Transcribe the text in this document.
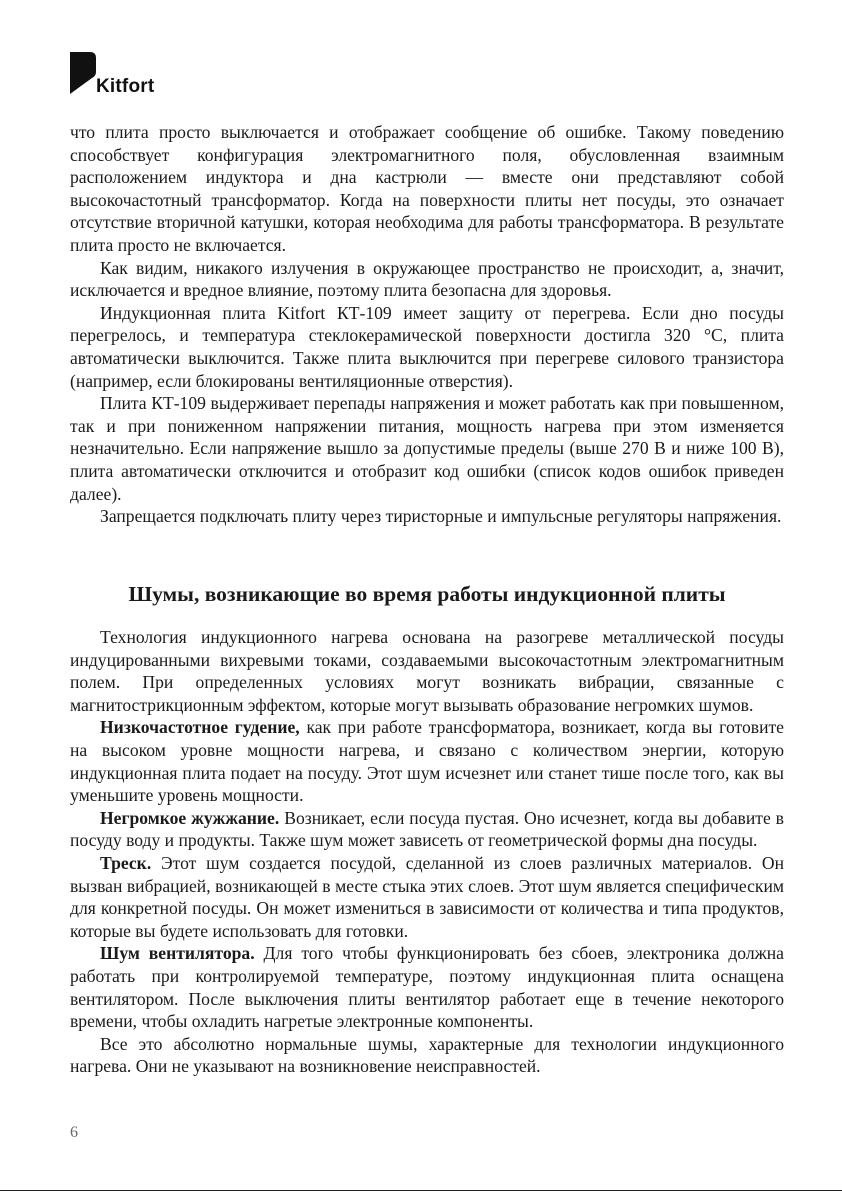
Kitfort

что плита просто выключается и отображает сообщение об ошибке. Такому поведению способствует конфигурация электромагнитного поля, обусловленная взаимным расположением индуктора и дна кастрюли — вместе они представляют собой высокочастотный трансформатор. Когда на поверхности плиты нет посуды, это означает отсутствие вторичной катушки, которая необходима для работы трансформатора. В результате плита просто не включается.

Как видим, никакого излучения в окружающее пространство не происходит, а, значит, исключается и вредное влияние, поэтому плита безопасна для здоровья.

Индукционная плита Kitfort КТ-109 имеет защиту от перегрева. Если дно посуды перегрелось, и температура стеклокерамической поверхности достигла 320 °C, плита автоматически выключится. Также плита выключится при перегреве силового транзистора (например, если блокированы вентиляционные отверстия).

Плита КТ-109 выдерживает перепады напряжения и может работать как при повышенном, так и при пониженном напряжении питания, мощность нагрева при этом изменяется незначительно. Если напряжение вышло за допустимые пределы (выше 270 В и ниже 100 В), плита автоматически отключится и отобразит код ошибки (список кодов ошибок приведен далее).

Запрещается подключать плиту через тиристорные и импульсные регуляторы напряжения.

Шумы, возникающие во время работы индукционной плиты

Технология индукционного нагрева основана на разогреве металлической посуды индуцированными вихревыми токами, создаваемыми высокочастотным электромагнитным полем. При определенных условиях могут возникать вибрации, связанные с магнитострикционным эффектом, которые могут вызывать образование негромких шумов.

Низкочастотное гудение, как при работе трансформатора, возникает, когда вы готовите на высоком уровне мощности нагрева, и связано с количеством энергии, которую индукционная плита подает на посуду. Этот шум исчезнет или станет тише после того, как вы уменьшите уровень мощности.

Негромкое жужжание. Возникает, если посуда пустая. Оно исчезнет, когда вы добавите в посуду воду и продукты. Также шум может зависеть от геометрической формы дна посуды.

Треск. Этот шум создается посудой, сделанной из слоев различных материалов. Он вызван вибрацией, возникающей в месте стыка этих слоев. Этот шум является специфическим для конкретной посуды. Он может измениться в зависимости от количества и типа продуктов, которые вы будете использовать для готовки.

Шум вентилятора. Для того чтобы функционировать без сбоев, электроника должна работать при контролируемой температуре, поэтому индукционная плита оснащена вентилятором. После выключения плиты вентилятор работает еще в течение некоторого времени, чтобы охладить нагретые электронные компоненты.

Все это абсолютно нормальные шумы, характерные для технологии индукционного нагрева. Они не указывают на возникновение неисправностей.

6
